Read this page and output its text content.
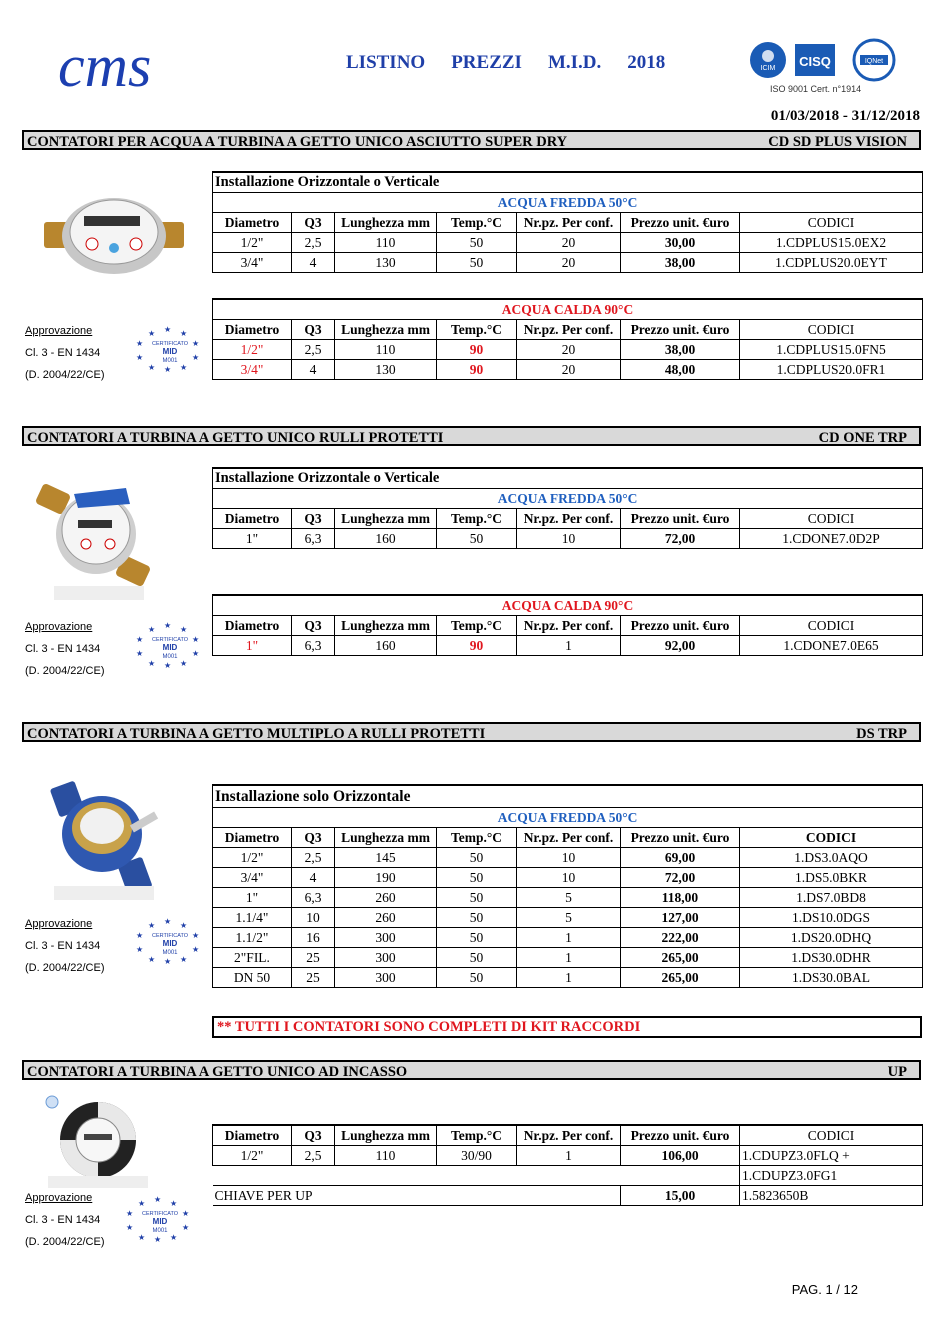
cms	LISTINO PREZZI M.I.D. 2018	ICIM CISQ	IQNet
ISO 9001 Cert. n°1914
01/03/2018 - 31/12/2018
CONTATORI PER ACQUA A TURBINA A GETTO UNICO ASCIUTTO SUPER DRY	CD SD PLUS VISION
Installazione Orizzontale o Verticale						
ACQUA FREDDA 50°C						
Diametro	Q3	Lunghezza mm	Temp.°C	Nr.pz. Per conf.	Prezzo unit. €uro	CODICI
1/2"	2,5	110	50	20	30,00	1.CDPLUS15.0EX2
3/4"	4	130	50	20	38,00	1.CDPLUS20.0EYT
ACQUA CALDA 90°C						
Diametro	Q3	Lunghezza mm	Temp.°C	Nr.pz. Per conf.	Prezzo unit. €uro	CODICI
1/2"	2,5	110	90	20	38,00	1.CDPLUS15.0FN5
3/4"	4	130	90	20	48,00	1.CDPLUS20.0FR1
Approvazione
Cl. 3 - EN 1434
(D. 2004/22/CE)
★ ★ ★
★
★
★	★
★ ★ ★
CERTIFICATO
MID
M001
CONTATORI A TURBINA A GETTO UNICO RULLI PROTETTI	CD ONE TRP
Installazione Orizzontale o Verticale						
ACQUA FREDDA 50°C						
Diametro	Q3	Lunghezza mm	Temp.°C	Nr.pz. Per conf.	Prezzo unit. €uro	CODICI
1"	6,3	160	50	10	72,00	1.CDONE7.0D2P
ACQUA CALDA 90°C						
Diametro	Q3	Lunghezza mm	Temp.°C	Nr.pz. Per conf.	Prezzo unit. €uro	CODICI
1"	6,3	160	90	1	92,00	1.CDONE7.0E65
Approvazione
Cl. 3 - EN 1434
(D. 2004/22/CE)
★ ★ ★
★
★
★	★
★ ★ ★
CERTIFICATO
MID
M001
CONTATORI A TURBINA A GETTO MULTIPLO A RULLI PROTETTI	DS TRP
Installazione solo Orizzontale						
ACQUA FREDDA 50°C						
Diametro	Q3	Lunghezza mm	Temp.°C	Nr.pz. Per conf.	Prezzo unit. €uro	CODICI
1/2"	2,5	145	50	10	69,00	1.DS3.0AQO
3/4"	4	190	50	10	72,00	1.DS5.0BKR
1"	6,3	260	50	5	118,00	1.DS7.0BD8
1.1/4"	10	260	50	5	127,00	1.DS10.0DGS
1.1/2"	16	300	50	1	222,00	1.DS20.0DHQ
2"FIL.	25	300	50	1	265,00	1.DS30.0DHR
DN 50	25	300	50	1	265,00	1.DS30.0BAL
Approvazione
Cl. 3 - EN 1434
(D. 2004/22/CE)
★ ★ ★
★
★
★	★
★ ★ ★
CERTIFICATO
MID
M001
** TUTTI I CONTATORI SONO COMPLETI DI KIT RACCORDI
CONTATORI A TURBINA A GETTO UNICO AD INCASSO	UP
Diametro	Q3	Lunghezza mm	Temp.°C	Nr.pz. Per conf.	Prezzo unit. €uro	CODICI
1/2"	2,5	110	30/90	1	106,00	1.CDUPZ3.0FLQ +
						1.CDUPZ3.0FG1
CHIAVE PER UP					15,00	1.5823650B
Approvazione
Cl. 3 - EN 1434
(D. 2004/22/CE)
★ ★ ★
★
★
★	★
★ ★ ★
CERTIFICATO
MID
M001
PAG. 1 / 12
